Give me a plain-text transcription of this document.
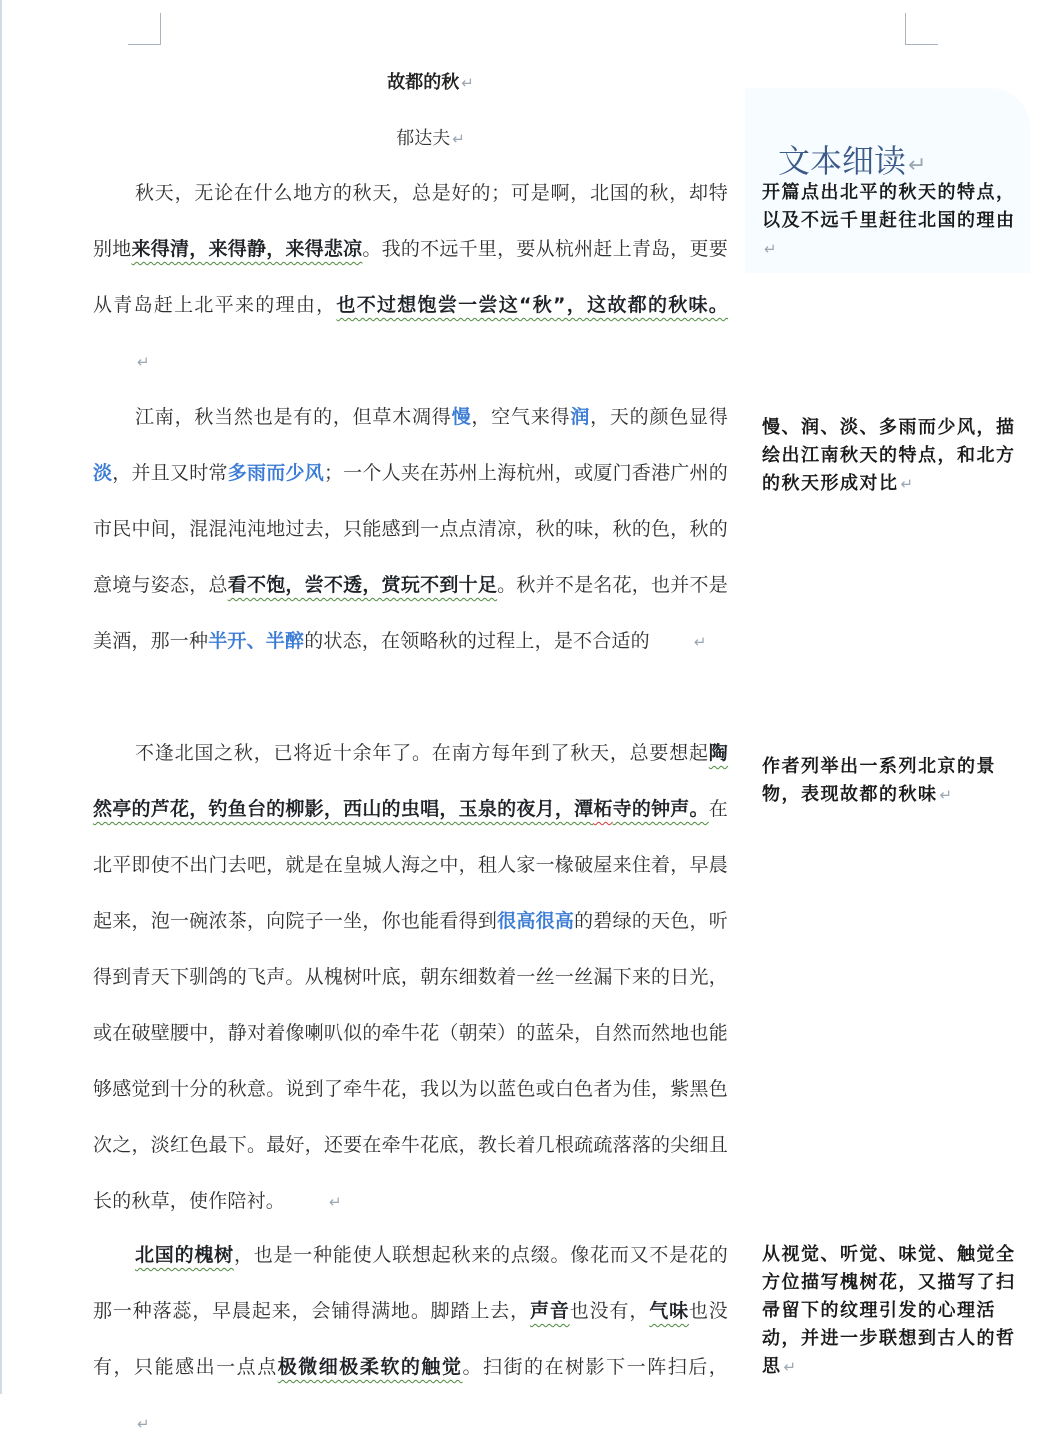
故都的秋 ↵
郁达夫 ↵
秋天，无论在什么地方的秋天，总是好的；可是啊，北国的秋，却特别地来得清，来得静，来得悲凉。我的不远千里，要从杭州赶上青岛，更要从青岛赶上北平来的理由，也不过想饱尝一尝这“秋”，这故都的秋味。↵
江南，秋当然也是有的，但草木凋得慢，空气来得润，天的颜色显得淡，并且又时常多雨而少风；一个人夹在苏州上海杭州，或厦门香港广州的市民中间，混混沌沌地过去，只能感到一点点清凉，秋的味，秋的色，秋的意境与姿态，总看不饱，尝不透，赏玩不到十足。秋并不是名花，也并不是美酒，那一种半开、半醉的状态，在领略秋的过程上，是不合适的	↵
不逢北国之秋，已将近十余年了。在南方每年到了秋天，总要想起陶然亭的芦花，钓鱼台的柳影，西山的虫唱，玉泉的夜月，潭柘寺的钟声。在北平即使不出门去吧，就是在皇城人海之中，租人家一椽破屋来住着，早晨起来，泡一碗浓茶，向院子一坐，你也能看得到很高很高的碧绿的天色，听得到青天下驯鸽的飞声。从槐树叶底，朝东细数着一丝一丝漏下来的日光，或在破壁腰中，静对着像喇叭似的牵牛花（朝荣）的蓝朵，自然而然地也能够感觉到十分的秋意。说到了牵牛花，我以为以蓝色或白色者为佳，紫黑色次之，淡红色最下。最好，还要在牵牛花底，教长着几根疏疏落落的尖细且长的秋草，使作陪衬。	↵
北国的槐树，也是一种能使人联想起秋来的点缀。像花而又不是花的那一种落蕊，早晨起来，会铺得满地。脚踏上去，声音也没有，气味也没有，只能感出一点点极微细极柔软的触觉。扫街的在树影下一阵扫后，↵
文本细读↵
开篇点出北平的秋天的特点，以及不远千里赶往北国的理由↵
慢、润、淡、多雨而少风，描绘出江南秋天的特点，和北方的秋天形成对比 ↵
作者列举出一系列北京的景物，表现故都的秋味 ↵
从视觉、听觉、味觉、触觉全方位描写槐树花，又描写了扫帚留下的纹理引发的心理活动，并进一步联想到古人的哲思 ↵
